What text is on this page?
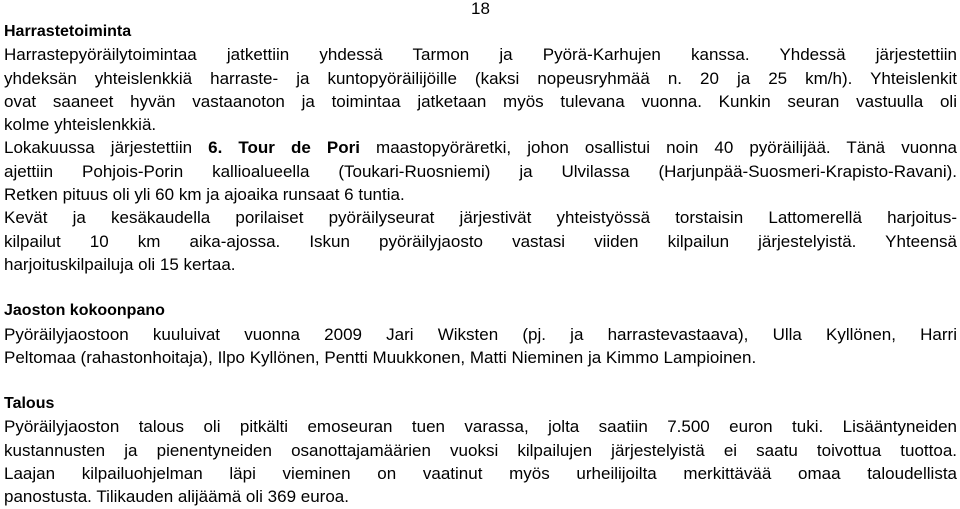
18
Harrastetoiminta
Harrastepyöräilytoimintaa jatkettiin yhdessä Tarmon ja Pyörä-Karhujen kanssa. Yhdessä järjestettiin
yhdeksän yhteislenkkiä harraste- ja kuntopyöräilijöille (kaksi nopeusryhmää n. 20 ja 25 km/h). Yhteislenkit
ovat saaneet hyvän vastaanoton ja toimintaa jatketaan myös tulevana vuonna. Kunkin seuran vastuulla oli
kolme yhteislenkkiä.
Lokakuussa järjestettiin 6. Tour de Pori maastopyöräretki, johon osallistui noin 40 pyöräilijää. Tänä vuonna
ajettiin Pohjois-Porin kallioalueella (Toukari-Ruosniemi) ja Ulvilassa (Harjunpää-Suosmeri-Krapisto-Ravani).
Retken pituus oli yli 60 km ja ajoaika runsaat 6 tuntia.
Kevät ja kesäkaudella porilaiset pyöräilyseurat järjestivät yhteistyössä torstaisin Lattomerellä harjoitus-
kilpailut 10 km aika-ajossa. Iskun pyöräilyjaosto vastasi viiden kilpailun järjestelyistä. Yhteensä
harjoituskilpailuja oli 15 kertaa.
Jaoston kokoonpano
Pyöräilyjaostoon kuuluivat vuonna 2009 Jari Wiksten (pj. ja harrastevastaava), Ulla Kyllönen, Harri
Peltomaa (rahastonhoitaja), Ilpo Kyllönen, Pentti Muukkonen, Matti Nieminen ja Kimmo Lampioinen.
Talous
Pyöräilyjaoston talous oli pitkälti emoseuran tuen varassa, jolta saatiin 7.500 euron tuki. Lisääntyneiden
kustannusten ja pienentyneiden osanottajamäärien vuoksi kilpailujen järjestelyistä ei saatu toivottua tuottoa.
Laajan kilpailuohjelman läpi vieminen on vaatinut myös urheilijoilta merkittävää omaa taloudellista
panostusta. Tilikauden alijäämä oli 369 euroa.
